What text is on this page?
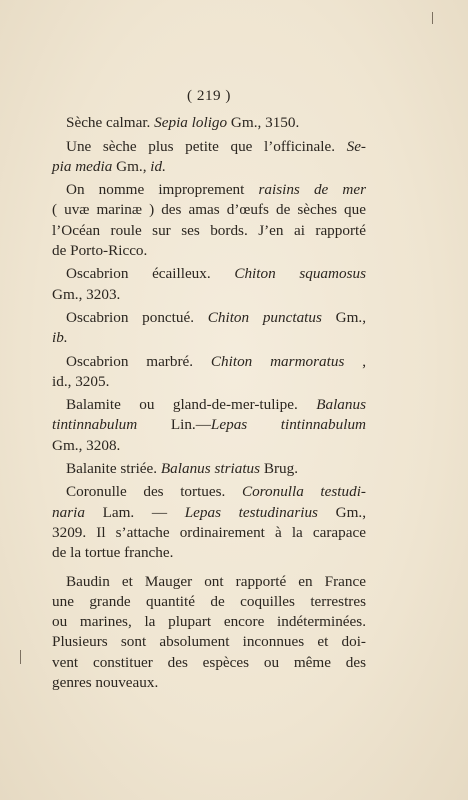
( 219 )
Sèche calmar. Sepia loligo Gm., 3150.
Une sèche plus petite que l’officinale. Se-
pia media Gm., id.
On nomme improprement raisins de mer
( uvæ marinæ ) des amas d’œufs de sèches que
l’Océan roule sur ses bords. J’en ai rapporté
de Porto-Ricco.
Oscabrion écailleux. Chiton squamosus
Gm., 3203.
Oscabrion ponctué. Chiton punctatus Gm.,
ib.
Oscabrion marbré. Chiton marmoratus ,
id., 3205.
Balamite ou gland-de-mer-tulipe. Balanus
tintinnabulum Lin.—Lepas tintinnabulum
Gm., 3208.
Balanite striée. Balanus striatus Brug.
Coronulle des tortues. Coronulla testudi-
naria Lam. — Lepas testudinarius Gm.,
3209. Il s’attache ordinairement à la carapace
de la tortue franche.
Baudin et Mauger ont rapporté en France
une grande quantité de coquilles terrestres
ou marines, la plupart encore indéterminées.
Plusieurs sont absolument inconnues et doi-
vent constituer des espèces ou même des
genres nouveaux.
